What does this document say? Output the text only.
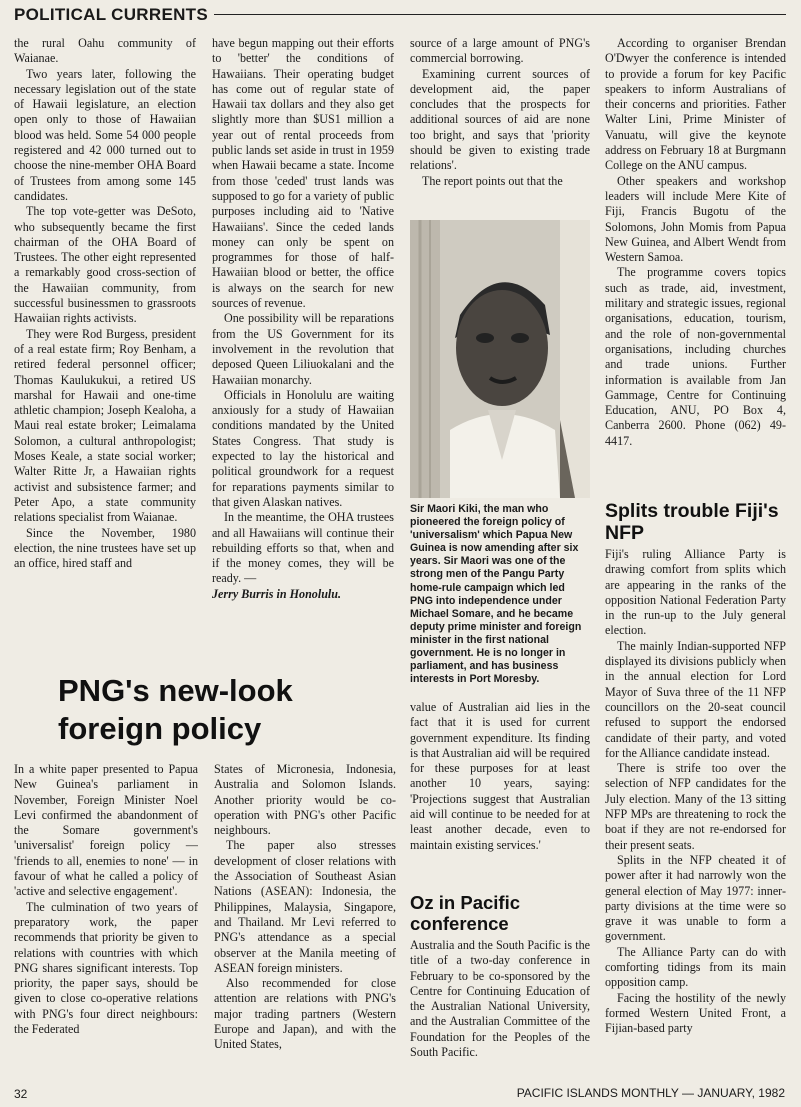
POLITICAL CURRENTS

the rural Oahu community of Waianae.

Two years later, following the necessary legislation out of the state of Hawaii legislature, an election open only to those of Hawaiian blood was held. Some 54 000 people registered and 42 000 turned out to choose the nine-member OHA Board of Trustees from among some 145 candidates.

The top vote-getter was DeSoto, who subsequently became the first chairman of the OHA Board of Trustees. The other eight represented a remarkably good cross-section of the Hawaiian community, from successful businessmen to grassroots Hawaiian rights activists.

They were Rod Burgess, president of a real estate firm; Roy Benham, a retired federal personnel officer; Thomas Kaulukukui, a retired US marshal for Hawaii and one-time athletic champion; Joseph Kealoha, a Maui real estate broker; Leimalama Solomon, a cultural anthropologist; Moses Keale, a state social worker; Walter Ritte Jr, a Hawaiian rights activist and subsistence farmer; and Peter Apo, a state community relations specialist from Waianae.

Since the November, 1980 election, the nine trustees have set up an office, hired staff and

have begun mapping out their efforts to 'better' the conditions of Hawaiians. Their operating budget has come out of regular state of Hawaii tax dollars and they also get slightly more than $US1 million a year out of rental proceeds from public lands set aside in trust in 1959 when Hawaii became a state. Income from those 'ceded' trust lands was supposed to go for a variety of public purposes including aid to 'Native Hawaiians'. Since the ceded lands money can only be spent on programmes for those of half-Hawaiian blood or better, the office is always on the search for new sources of revenue.

One possibility will be reparations from the US Government for its involvement in the revolution that deposed Queen Liliuokalani and the Hawaiian monarchy.

Officials in Honolulu are waiting anxiously for a study of Hawaiian conditions mandated by the United States Congress. That study is expected to lay the historical and political groundwork for a request for reparations payments similar to that given Alaskan natives.

In the meantime, the OHA trustees and all Hawaiians will continue their rebuilding efforts so that, when and if the money comes, they will be ready. —

Jerry Burris in Honolulu.

source of a large amount of PNG's commercial borrowing.

Examining current sources of development aid, the paper concludes that the prospects for additional sources of aid are none too bright, and says that 'priority should be given to existing trade relations'.

The report points out that the

Sir Maori Kiki, the man who pioneered the foreign policy of 'universalism' which Papua New Guinea is now amending after six years. Sir Maori was one of the strong men of the Pangu Party home-rule campaign which led PNG into independence under Michael Somare, and he became deputy prime minister and foreign minister in the first national government. He is no longer in parliament, and has business interests in Port Moresby.

value of Australian aid lies in the fact that it is used for current government expenditure. Its finding is that Australian aid will be required for these purposes for at least another 10 years, saying: 'Projections suggest that Australian aid will continue to be needed for at least another decade, even to maintain existing services.'

Oz in Pacific conference

Australia and the South Pacific is the title of a two-day conference in February to be co-sponsored by the Centre for Continuing Education of the Australian National University, and the Australian Committee of the Foundation for the Peoples of the South Pacific.

According to organiser Brendan O'Dwyer the conference is intended to provide a forum for key Pacific speakers to inform Australians of their concerns and priorities. Father Walter Lini, Prime Minister of Vanuatu, will give the keynote address on February 18 at Burgmann College on the ANU campus.

Other speakers and workshop leaders will include Mere Kite of Fiji, Francis Bugotu of the Solomons, John Momis from Papua New Guinea, and Albert Wendt from Western Samoa.

The programme covers topics such as trade, aid, investment, military and strategic issues, regional organisations, education, tourism, and the role of non-governmental organisations, including churches and trade unions. Further information is available from Jan Gammage, Centre for Continuing Education, ANU, PO Box 4, Canberra 2600. Phone (062) 49-4417.

Splits trouble Fiji's NFP

Fiji's ruling Alliance Party is drawing comfort from splits which are appearing in the ranks of the opposition National Federation Party in the run-up to the July general election.

The mainly Indian-supported NFP displayed its divisions publicly when in the annual election for Lord Mayor of Suva three of the 11 NFP councillors on the 20-seat council refused to support the endorsed candidate of their party, and voted for the Alliance candidate instead.

There is strife too over the selection of NFP candidates for the July election. Many of the 13 sitting NFP MPs are threatening to rock the boat if they are not re-endorsed for their present seats.

Splits in the NFP cheated it of power after it had narrowly won the general election of May 1977: inner-party divisions at the time were so grave it was unable to form a government.

The Alliance Party can do with comforting tidings from its main opposition camp.

Facing the hostility of the newly formed Western United Front, a Fijian-based party

PNG's new-look
foreign policy

In a white paper presented to Papua New Guinea's parliament in November, Foreign Minister Noel Levi confirmed the abandonment of the Somare government's 'universalist' foreign policy — 'friends to all, enemies to none' — in favour of what he called a policy of 'active and selective engagement'.

The culmination of two years of preparatory work, the paper recommends that priority be given to relations with countries with which PNG shares significant interests. Top priority, the paper says, should be given to close co-operative relations with PNG's four direct neighbours: the Federated

States of Micronesia, Indonesia, Australia and Solomon Islands. Another priority would be co-operation with PNG's other Pacific neighbours.

The paper also stresses development of closer relations with the Association of Southeast Asian Nations (ASEAN): Indonesia, the Philippines, Malaysia, Singapore, and Thailand. Mr Levi referred to PNG's attendance as a special observer at the Manila meeting of ASEAN foreign ministers.

Also recommended for close attention are relations with PNG's major trading partners (Western Europe and Japan), and with the United States,

32	PACIFIC ISLANDS MONTHLY — JANUARY, 1982
